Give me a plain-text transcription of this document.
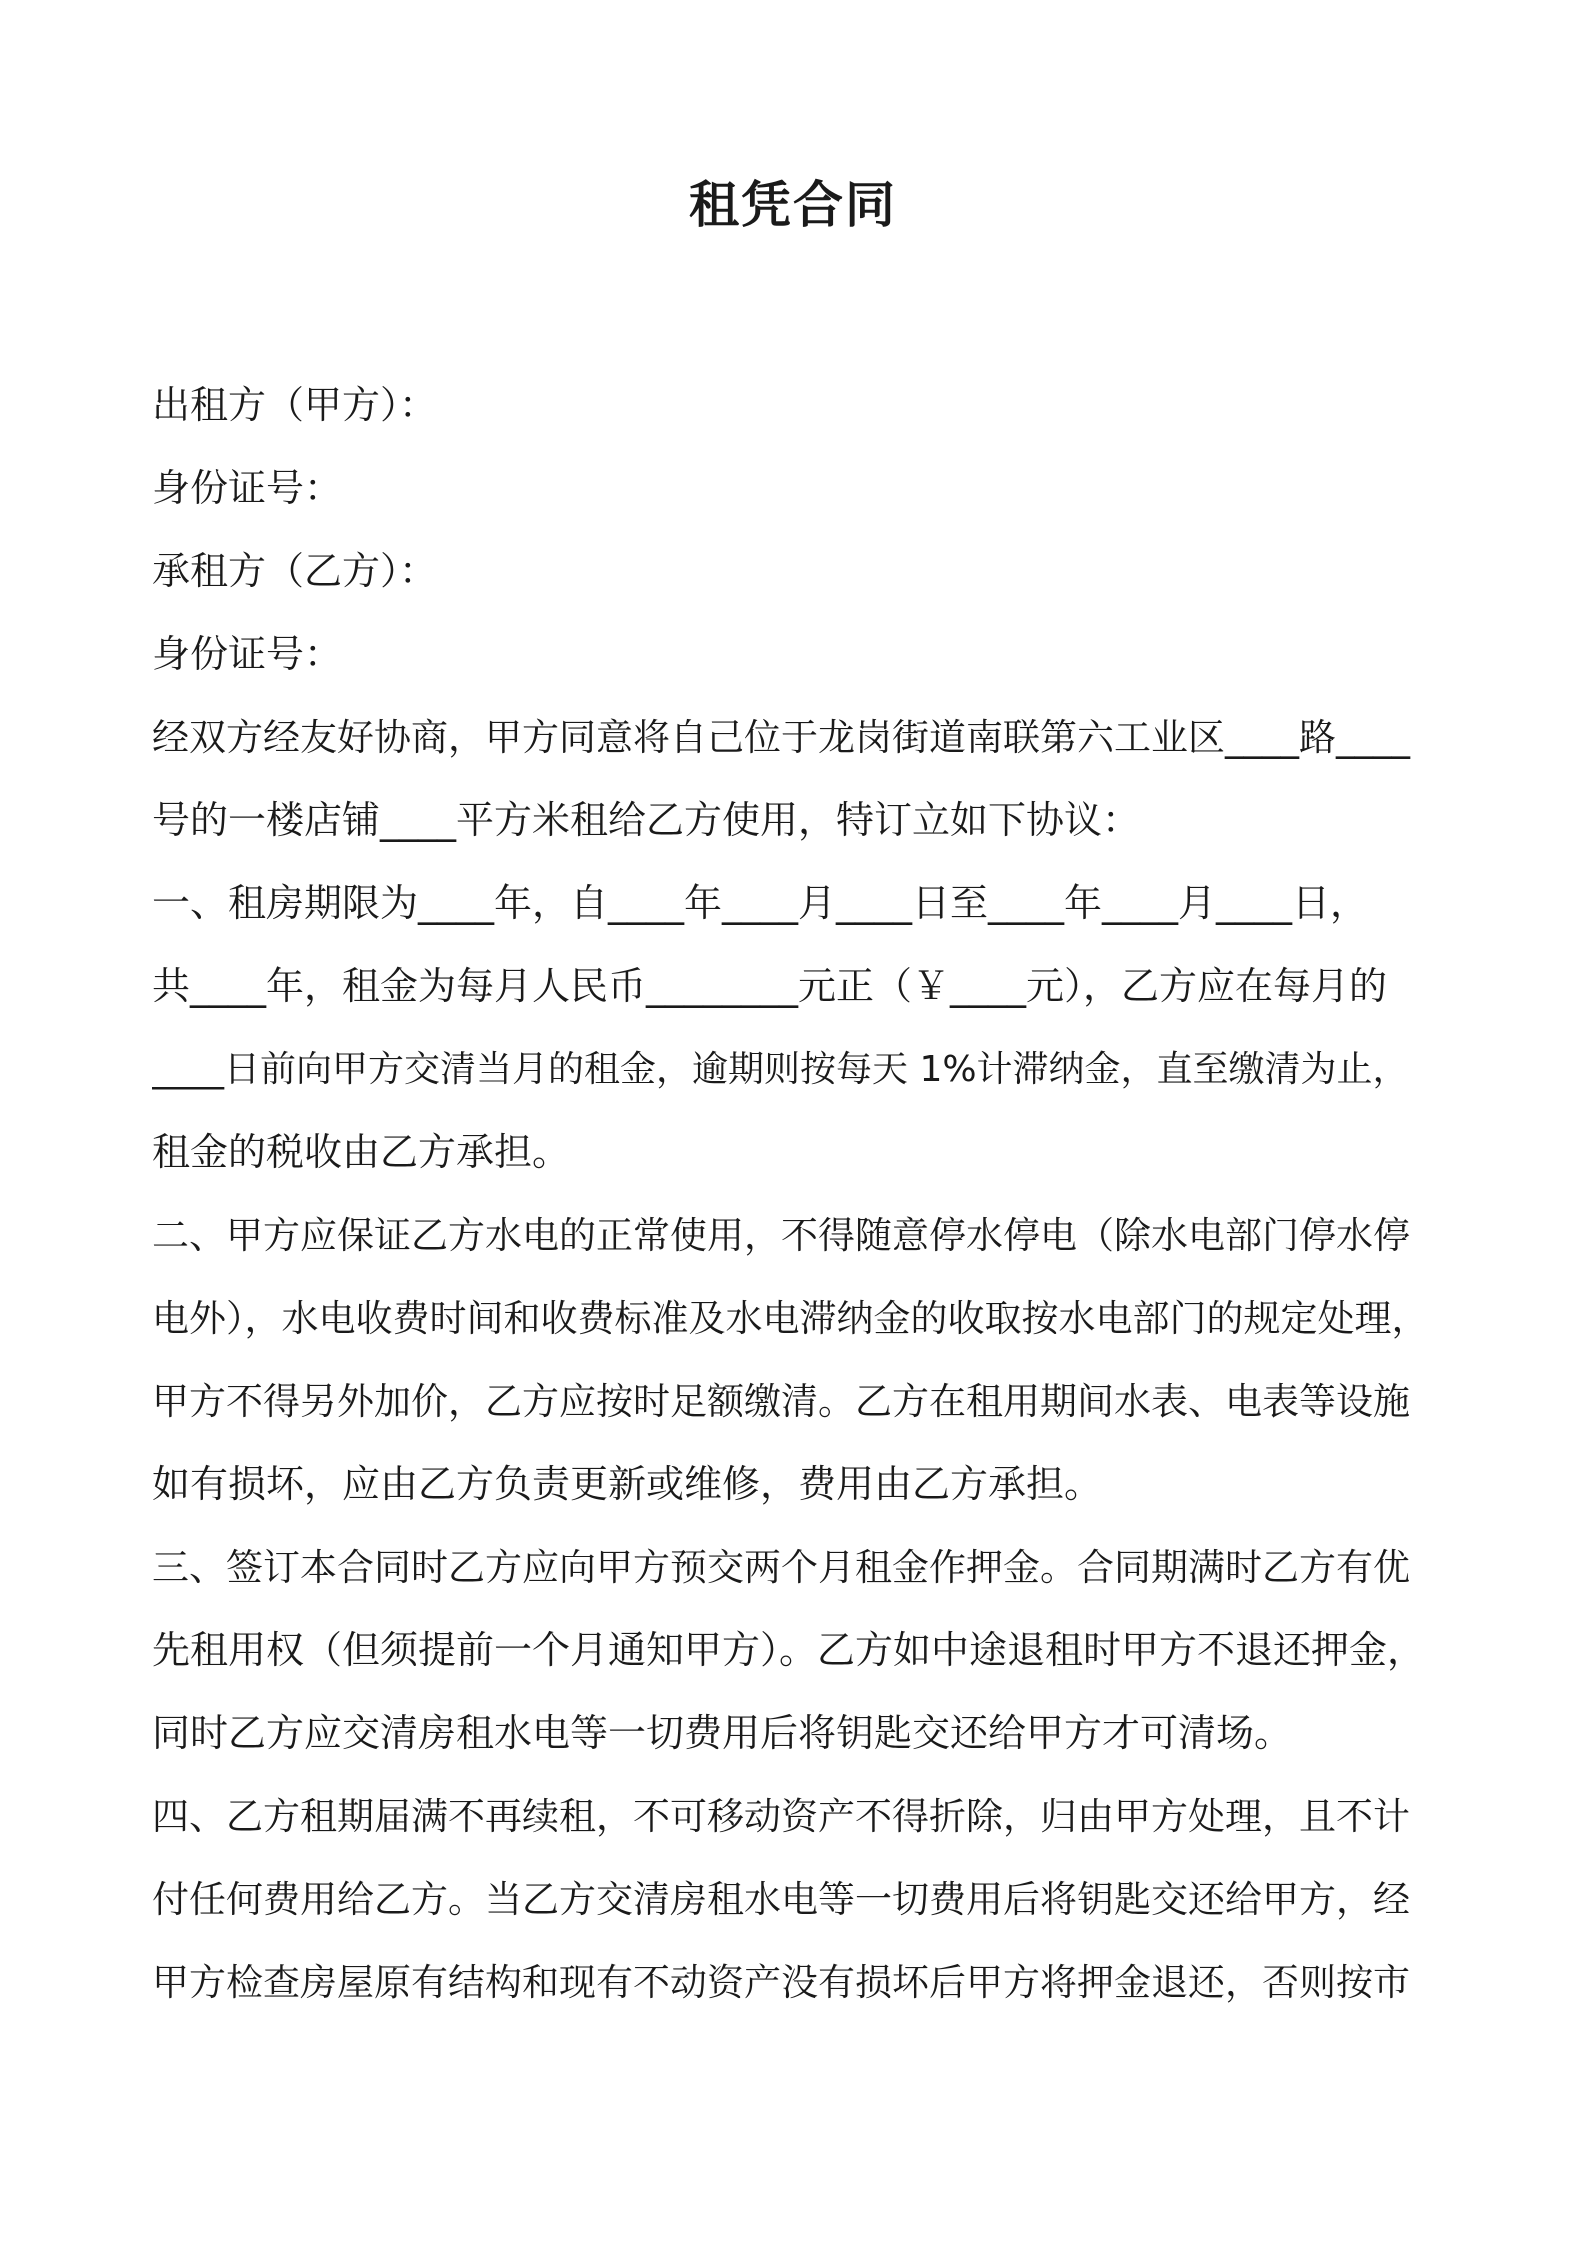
租凭合同
出租方（甲方）：
身份证号：
承租方（乙方）：
身份证号：
经双方经友好协商，甲方同意将自己位于龙岗街道南联第六工业区____路____
号的一楼店铺____平方米租给乙方使用，特订立如下协议：
一、租房期限为____年，自____年____月____日至____年____月____日，
共____年，租金为每月人民币________元正（￥____元），乙方应在每月的
____日前向甲方交清当月的租金，逾期则按每天 1%计滞纳金，直至缴清为止，
租金的税收由乙方承担。
二、甲方应保证乙方水电的正常使用，不得随意停水停电（除水电部门停水停
电外），水电收费时间和收费标准及水电滞纳金的收取按水电部门的规定处理，
甲方不得另外加价，乙方应按时足额缴清。乙方在租用期间水表、电表等设施
如有损坏，应由乙方负责更新或维修，费用由乙方承担。
三、签订本合同时乙方应向甲方预交两个月租金作押金。合同期满时乙方有优
先租用权（但须提前一个月通知甲方）。乙方如中途退租时甲方不退还押金，
同时乙方应交清房租水电等一切费用后将钥匙交还给甲方才可清场。
四、乙方租期届满不再续租，不可移动资产不得折除，归由甲方处理，且不计
付任何费用给乙方。当乙方交清房租水电等一切费用后将钥匙交还给甲方，经
甲方检查房屋原有结构和现有不动资产没有损坏后甲方将押金退还，否则按市
